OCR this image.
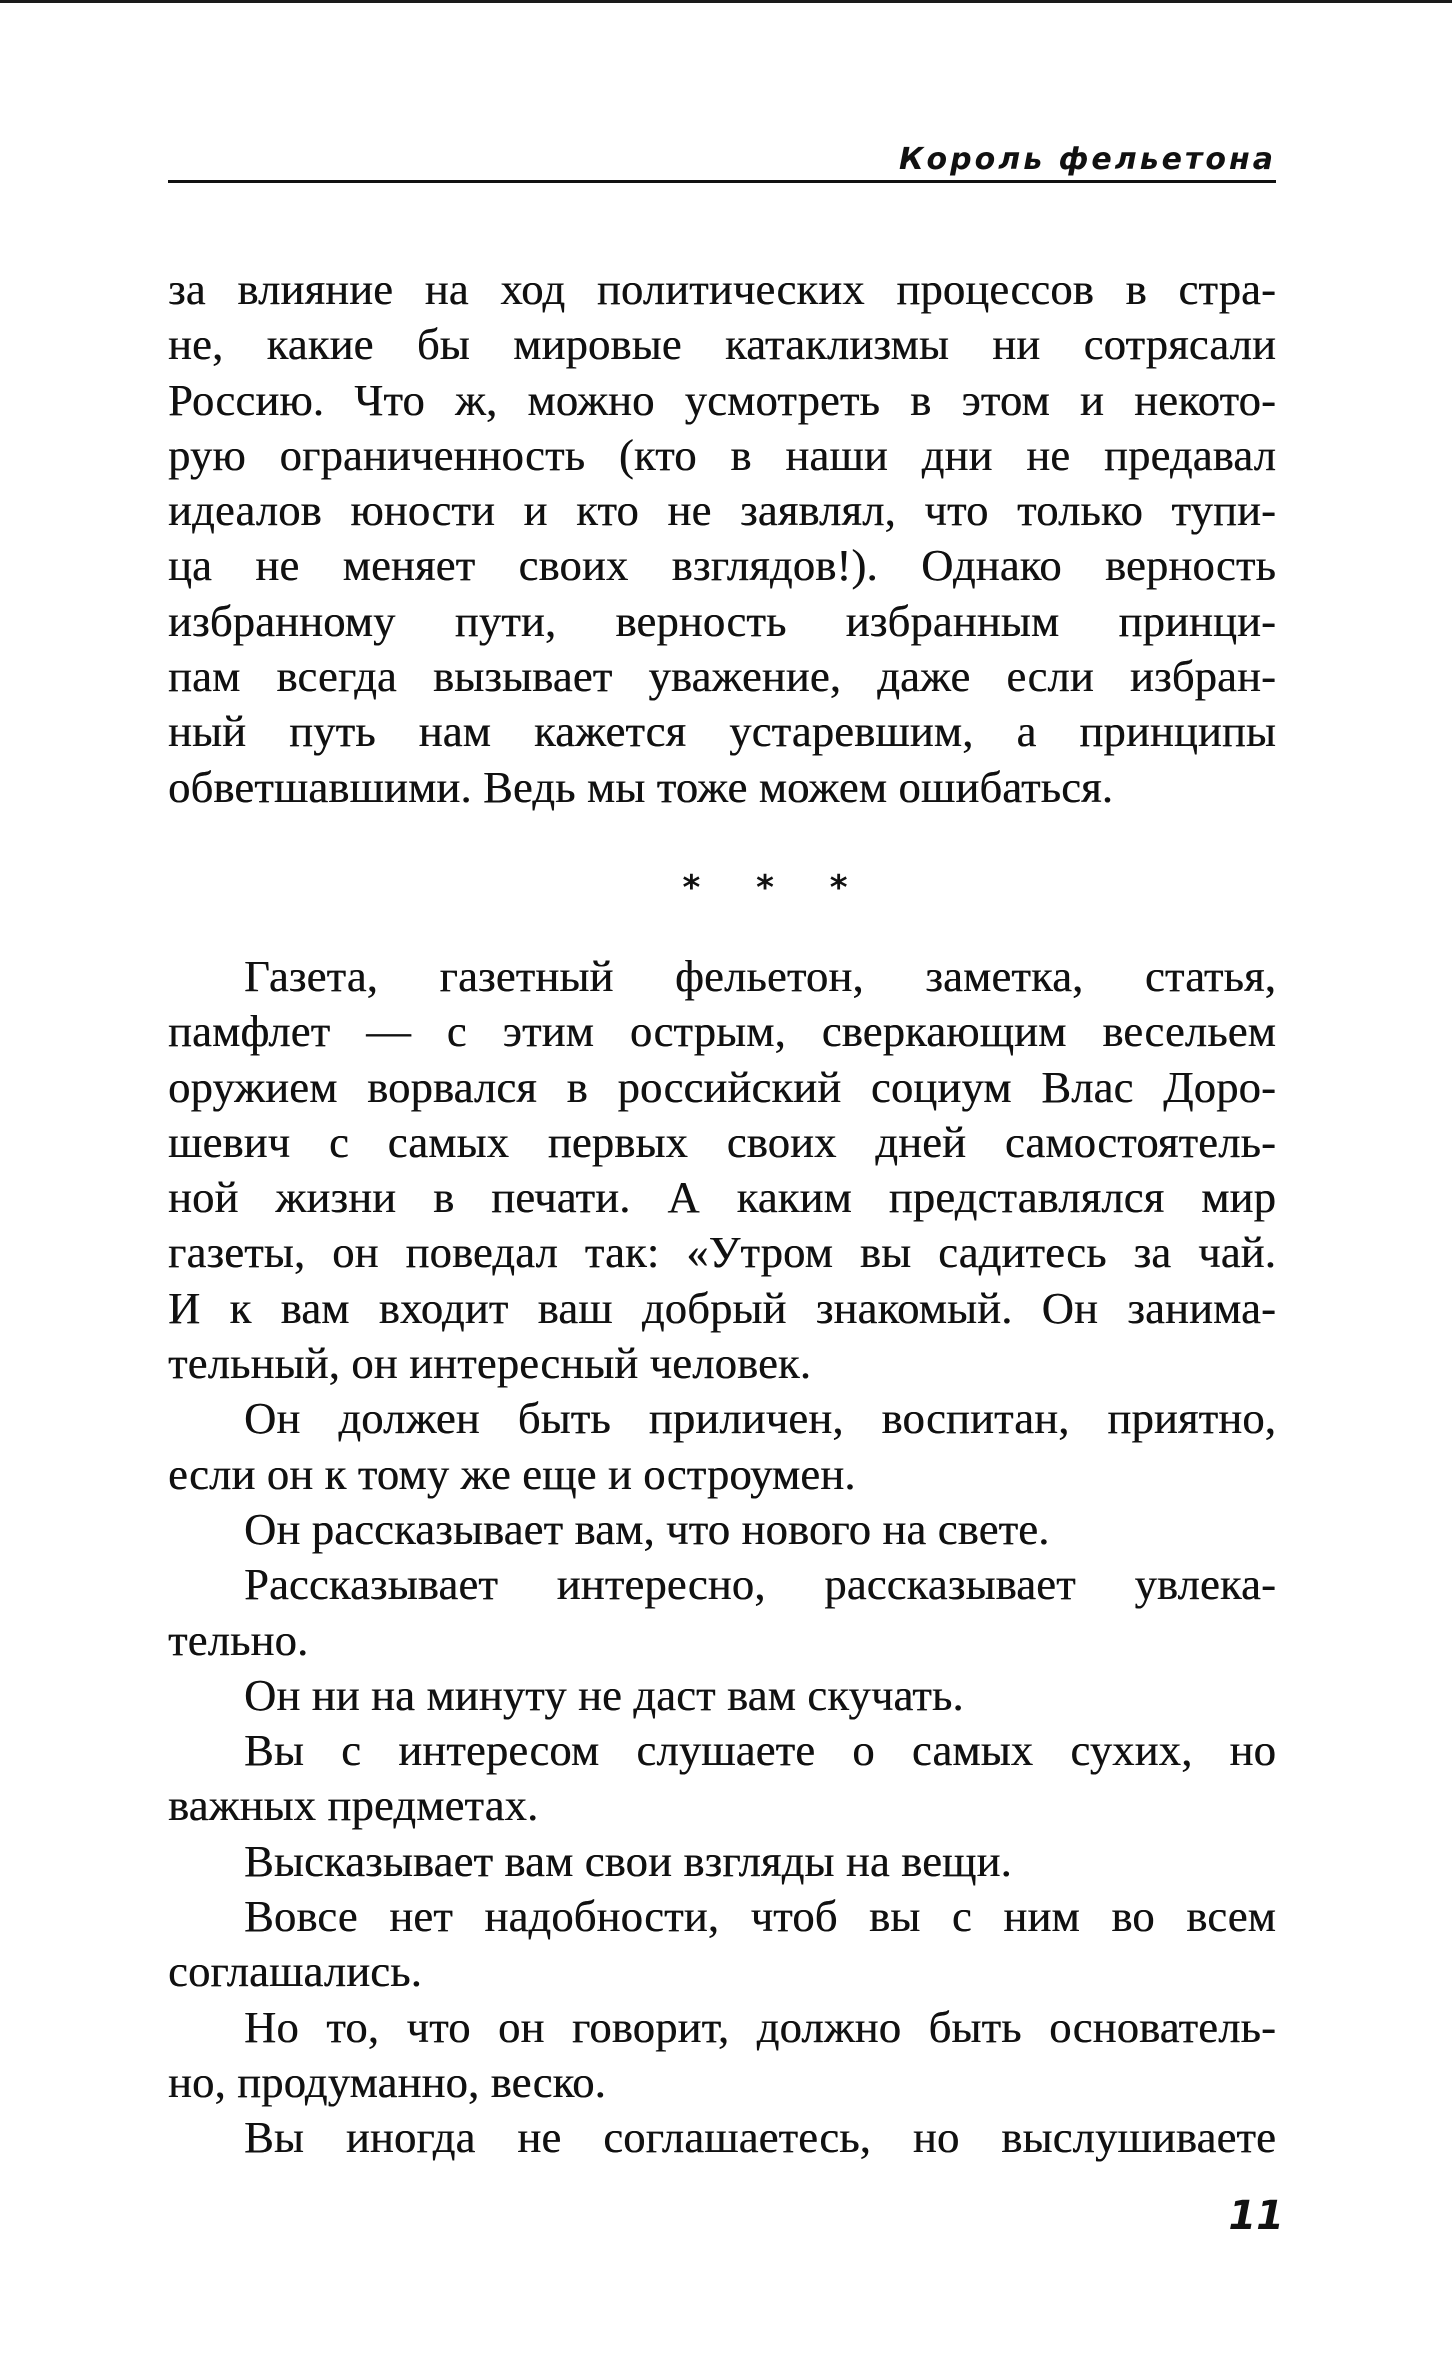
Король фельетона
за влияние на ход политических процессов в стра-
не, какие бы мировые катаклизмы ни сотрясали
Россию. Что ж, можно усмотреть в этом и некото-
рую ограниченность (кто в наши дни не предавал
идеалов юности и кто не заявлял, что только тупи-
ца не меняет своих взглядов!). Однако верность
избранному пути, верность избранным принци-
пам всегда вызывает уважение, даже если избран-
ный путь нам кажется устаревшим, а принципы
обветшавшими. Ведь мы тоже можем ошибаться.
* * *
Газета, газетный фельетон, заметка, статья,
памфлет — с этим острым, сверкающим весельем
оружием ворвался в российский социум Влас Доро-
шевич с самых первых своих дней самостоятель-
ной жизни в печати. А каким представлялся мир
газеты, он поведал так: «Утром вы садитесь за чай.
И к вам входит ваш добрый знакомый. Он занима-
тельный, он интересный человек.
Он должен быть приличен, воспитан, приятно,
если он к тому же еще и остроумен.
Он рассказывает вам, что нового на свете.
Рассказывает интересно, рассказывает увлека-
тельно.
Он ни на минуту не даст вам скучать.
Вы с интересом слушаете о самых сухих, но
важных предметах.
Высказывает вам свои взгляды на вещи.
Вовсе нет надобности, чтоб вы с ним во всем
соглашались.
Но то, что он говорит, должно быть основатель-
но, продуманно, веско.
Вы иногда не соглашаетесь, но выслушиваете
11
